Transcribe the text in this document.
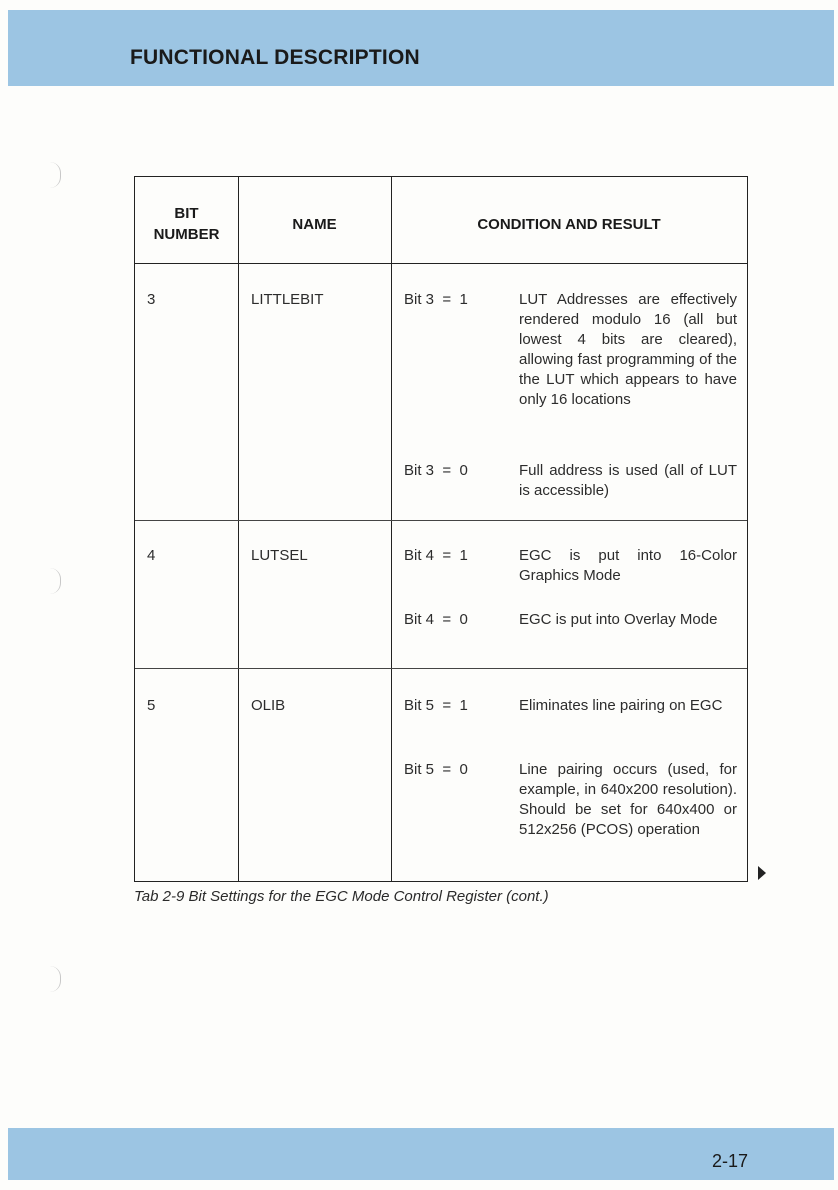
FUNCTIONAL DESCRIPTION
BIT
NUMBER
NAME	CONDITION AND RESULT
3	LITTLEBIT	Bit 3  =  1	LUT Addresses are effectively rendered modulo 16 (all but lowest 4 bits are cleared), allowing fast programming of the the LUT which appears to have only 16 locations
Bit 3  =  0	Full address is used (all of LUT is accessible)
4	LUTSEL	Bit 4  =  1	EGC is put into 16-Color Graphics Mode
Bit 4  =  0	EGC is put into Overlay Mode
5	OLIB	Bit 5  =  1	Eliminates line pairing on EGC
Bit 5  =  0	Line pairing occurs (used, for example, in 640x200 resolution). Should be set for 640x400 or 512x256 (PCOS) operation
Tab 2-9 Bit Settings for the EGC Mode Control Register (cont.)
2-17
